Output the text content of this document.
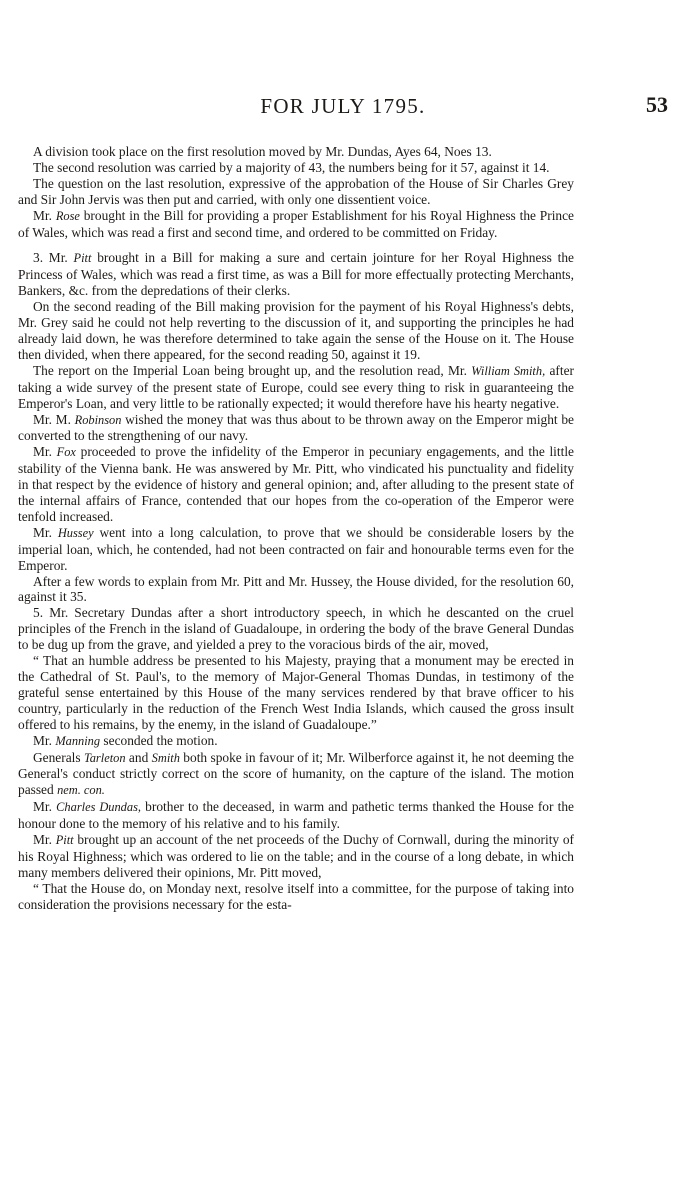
FOR JULY 1795.	53

A division took place on the first resolution moved by Mr. Dundas, Ayes 64, Noes 13.

The second resolution was carried by a majority of 43, the numbers being for it 57, against it 14.

The question on the last resolution, expressive of the approbation of the House of Sir Charles Grey and Sir John Jervis was then put and carried, with only one dissentient voice.

Mr. Rose brought in the Bill for providing a proper Establishment for his Royal Highness the Prince of Wales, which was read a first and second time, and ordered to be committed on Friday.

3. Mr. Pitt brought in a Bill for making a sure and certain jointure for her Royal Highness the Princess of Wales, which was read a first time, as was a Bill for more effectually protecting Merchants, Bankers, &c. from the depredations of their clerks.

On the second reading of the Bill making provision for the payment of his Royal Highness's debts, Mr. Grey said he could not help reverting to the discussion of it, and supporting the principles he had already laid down, he was therefore determined to take again the sense of the House on it. The House then divided, when there appeared, for the second reading 50, against it 19.

The report on the Imperial Loan being brought up, and the resolution read, Mr. William Smith, after taking a wide survey of the present state of Europe, could see every thing to risk in guaranteeing the Emperor's Loan, and very little to be rationally expected; it would therefore have his hearty negative.

Mr. M. Robinson wished the money that was thus about to be thrown away on the Emperor might be converted to the strengthening of our navy.

Mr. Fox proceeded to prove the infidelity of the Emperor in pecuniary engagements, and the little stability of the Vienna bank. He was answered by Mr. Pitt, who vindicated his punctuality and fidelity in that respect by the evidence of history and general opinion; and, after alluding to the present state of the internal affairs of France, contended that our hopes from the co-operation of the Emperor were tenfold increased.

Mr. Hussey went into a long calculation, to prove that we should be considerable losers by the imperial loan, which, he contended, had not been contracted on fair and honourable terms even for the Emperor.

After a few words to explain from Mr. Pitt and Mr. Hussey, the House divided, for the resolution 60, against it 35.

5. Mr. Secretary Dundas after a short introductory speech, in which he descanted on the cruel principles of the French in the island of Guadaloupe, in ordering the body of the brave General Dundas to be dug up from the grave, and yielded a prey to the voracious birds of the air, moved,

“ That an humble address be presented to his Majesty, praying that a monument may be erected in the Cathedral of St. Paul's, to the memory of Major-General Thomas Dundas, in testimony of the grateful sense entertained by this House of the many services rendered by that brave officer to his country, particularly in the reduction of the French West India Islands, which caused the gross insult offered to his remains, by the enemy, in the island of Guadaloupe.”

Mr. Manning seconded the motion.

Generals Tarleton and Smith both spoke in favour of it; Mr. Wilberforce against it, he not deeming the General's conduct strictly correct on the score of humanity, on the capture of the island. The motion passed nem. con.

Mr. Charles Dundas, brother to the deceased, in warm and pathetic terms thanked the House for the honour done to the memory of his relative and to his family.

Mr. Pitt brought up an account of the net proceeds of the Duchy of Cornwall, during the minority of his Royal Highness; which was ordered to lie on the table; and in the course of a long debate, in which many members delivered their opinions, Mr. Pitt moved,

“ That the House do, on Monday next, resolve itself into a committee, for the purpose of taking into consideration the provisions necessary for the esta-
